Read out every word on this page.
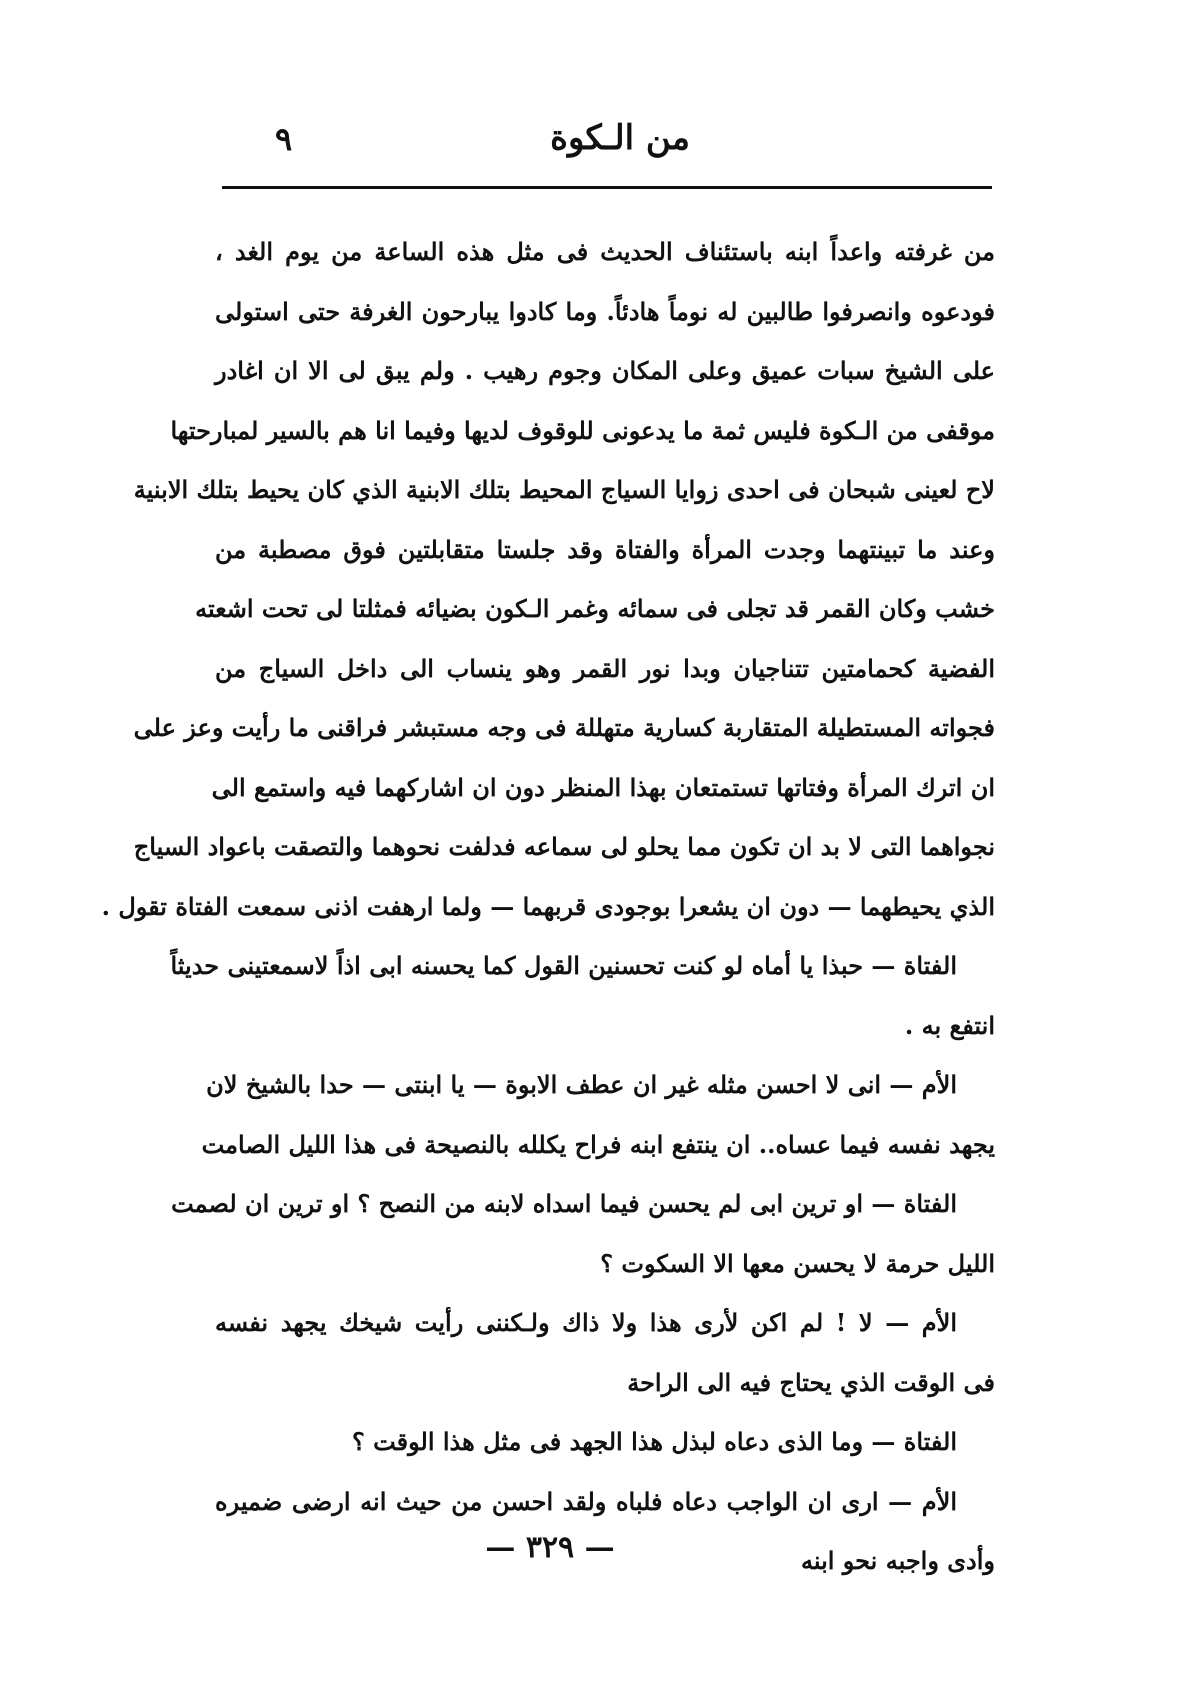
من الـكوة
٩
من غرفته واعداً ابنه باستئناف الحديث فى مثل هذه الساعة من يوم الغد ،
فودعوه وانصرفوا طالبين له نوماً هادئاً. وما كادوا يبارحون الغرفة حتى استولى
على الشيخ سبات عميق وعلى المكان وجوم رهيب . ولم يبق لى الا ان اغادر
موقفى من الـكوة فليس ثمة ما يدعونى للوقوف لديها وفيما انا هم بالسير لمبارحتها
لاح لعينى شبحان فى احدى زوايا السياج المحيط بتلك الابنية الذي كان يحيط بتلك الابنية
وعند ما تبينتهما وجدت المرأة والفتاة وقد جلستا متقابلتين فوق مصطبة من
خشب وكان القمر قد تجلى فى سمائه وغمر الـكون بضيائه فمثلتا لى تحت اشعته
الفضية كحمامتين تتناجيان وبدا نور القمر وهو ينساب الى داخل السياج من
فجواته المستطيلة المتقاربة كسارية متهللة فى وجه مستبشر فراقنى ما رأيت وعز على
ان اترك المرأة وفتاتها تستمتعان بهذا المنظر دون ان اشاركهما فيه واستمع الى
نجواهما التى لا بد ان تكون مما يحلو لى سماعه فدلفت نحوهما والتصقت باعواد السياج
الذي يحيطهما — دون ان يشعرا بوجودى قربهما — ولما ارهفت اذنى سمعت الفتاة تقول .
الفتاة — حبذا يا أماه لو كنت تحسنين القول كما يحسنه ابى اذاً لاسمعتينى حديثاً
انتفع به .
الأم — انى لا احسن مثله غير ان عطف الابوة — يا ابنتى — حدا بالشيخ لان
يجهد نفسه فيما عساه.. ان ينتفع ابنه فراح يكلله بالنصيحة فى هذا الليل الصامت
الفتاة — او ترين ابى لم يحسن فيما اسداه لابنه من النصح ؟ او ترين ان لصمت
الليل حرمة لا يحسن معها الا السكوت ؟
الأم — لا ! لم اكن لأرى هذا ولا ذاك ولـكننى رأيت شيخك يجهد نفسه
فى الوقت الذي يحتاج فيه الى الراحة
الفتاة — وما الذى دعاه لبذل هذا الجهد فى مثل هذا الوقت ؟
الأم — ارى ان الواجب دعاه فلباه ولقد احسن من حيث انه ارضى ضميره
وأدى واجبه نحو ابنه
— ٣٢٩ —
